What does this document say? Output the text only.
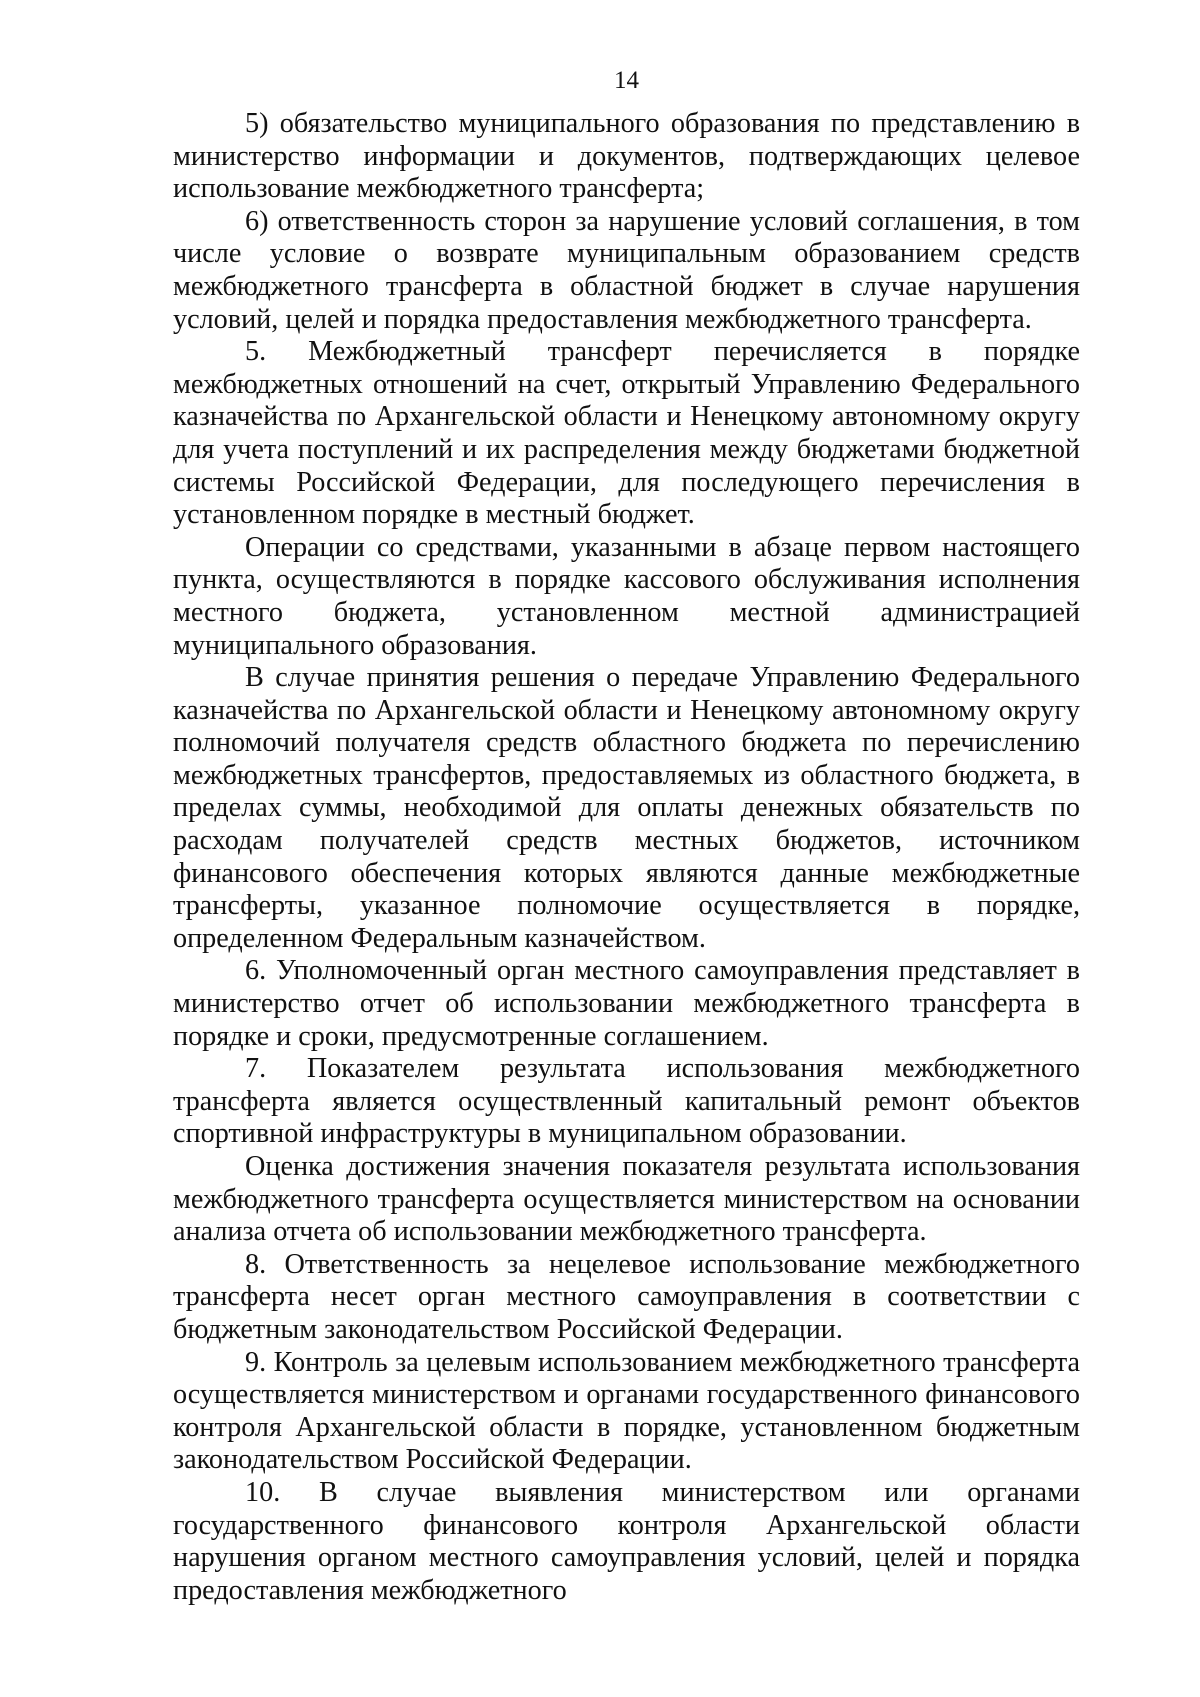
14

5) обязательство муниципального образования по представлению в министерство информации и документов, подтверждающих целевое использование межбюджетного трансферта;

6) ответственность сторон за нарушение условий соглашения, в том числе условие о возврате муниципальным образованием средств межбюджетного трансферта в областной бюджет в случае нарушения условий, целей и порядка предоставления межбюджетного трансферта.

5. Межбюджетный трансферт перечисляется в порядке межбюджетных отношений на счет, открытый Управлению Федерального казначейства по Архангельской области и Ненецкому автономному округу для учета поступлений и их распределения между бюджетами бюджетной системы Российской Федерации, для последующего перечисления в установленном порядке в местный бюджет.

Операции со средствами, указанными в абзаце первом настоящего пункта, осуществляются в порядке кассового обслуживания исполнения местного бюджета, установленном местной администрацией муниципального образования.

В случае принятия решения о передаче Управлению Федерального казначейства по Архангельской области и Ненецкому автономному округу полномочий получателя средств областного бюджета по перечислению межбюджетных трансфертов, предоставляемых из областного бюджета, в пределах суммы, необходимой для оплаты денежных обязательств по расходам получателей средств местных бюджетов, источником финансового обеспечения которых являются данные межбюджетные трансферты, указанное полномочие осуществляется в порядке, определенном Федеральным казначейством.

6. Уполномоченный орган местного самоуправления представляет в министерство отчет об использовании межбюджетного трансферта в порядке и сроки, предусмотренные соглашением.

7. Показателем результата использования межбюджетного трансферта является осуществленный капитальный ремонт объектов спортивной инфраструктуры в муниципальном образовании.

Оценка достижения значения показателя результата использования межбюджетного трансферта осуществляется министерством на основании анализа отчета об использовании межбюджетного трансферта.

8. Ответственность за нецелевое использование межбюджетного трансферта несет орган местного самоуправления в соответствии с бюджетным законодательством Российской Федерации.

9. Контроль за целевым использованием межбюджетного трансферта осуществляется министерством и органами государственного финансового контроля Архангельской области в порядке, установленном бюджетным законодательством Российской Федерации.

10. В случае выявления министерством или органами государственного финансового контроля Архангельской области нарушения органом местного самоуправления условий, целей и порядка предоставления межбюджетного
